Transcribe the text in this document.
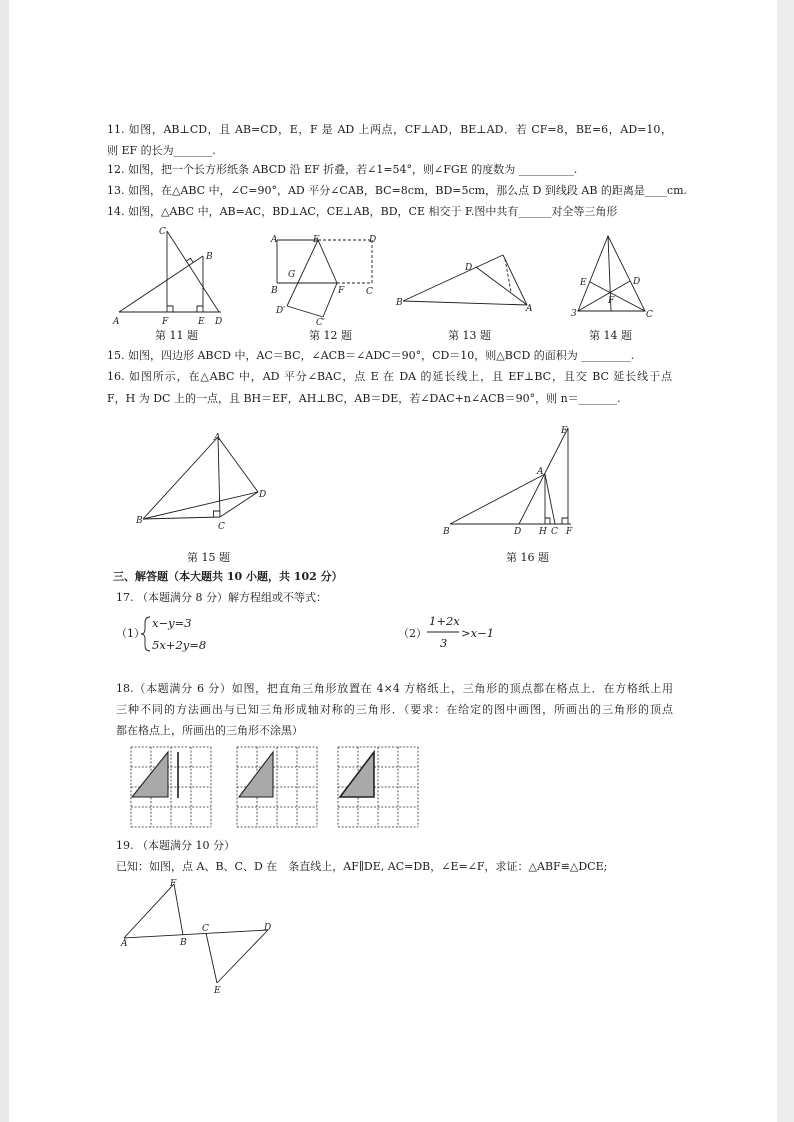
C
B
A	F	E D
A	E	D
G
B	F C
D′
C′
D
B
A
E	D
F
3	C
A
B
C
D
E
A
B	D H C F
F
A	B
C	D
E
11. 如图，AB⊥CD，且 AB=CD，E，F 是 AD 上两点，CF⊥AD，BE⊥AD．若 CF=8，BE=6，AD=10，
则 EF 的长为_______.
12. 如图，把一个长方形纸条 ABCD 沿 EF 折叠，若∠1=54°，则∠FGE 的度数为 __________.
13. 如图，在△ABC 中，∠C=90°，AD 平分∠CAB，BC=8cm，BD=5cm，那么点 D 到线段 AB 的距离是____cm.
14. 如图，△ABC 中，AB=AC，BD⊥AC，CE⊥AB，BD，CE 相交于 F.图中共有______对全等三角形
第 11 题	第 12 题	第 13 题	第 14 题
15. 如图，四边形 ABCD 中，AC＝BC，∠ACB＝∠ADC＝90°，CD＝10，则△BCD 的面积为 _________.
16. 如图所示，在△ABC 中，AD 平分∠BAC，点 E 在 DA 的延长线上，且 EF⊥BC，且交 BC 延长线于点
F，H 为 DC 上的一点，且 BH＝EF，AH⊥BC，AB＝DE，若∠DAC+n∠ACB＝90°，则 n＝_______.
第 15 题	第 16 题
三、解答题（本大题共 10 小题，共 102 分）
17. （本题满分 8 分）解方程组或不等式：
（1）
x−y=3
5x+2y=8
（2）
1+2x
3
>x−1
18.（本题满分 6 分）如图，把直角三角形放置在 4×4 方格纸上，三角形的顶点都在格点上．在方格纸上用
三种不同的方法画出与已知三角形成轴对称的三角形．（要求：在给定的图中画图，所画出的三角形的顶点
都在格点上，所画出的三角形不涂黑）
19. （本题满分 10 分）
已知：如图，点 A、B、C、D 在　条直线上，AF∥DE, AC=DB，∠E=∠F，求证：△ABF≌△DCE;
